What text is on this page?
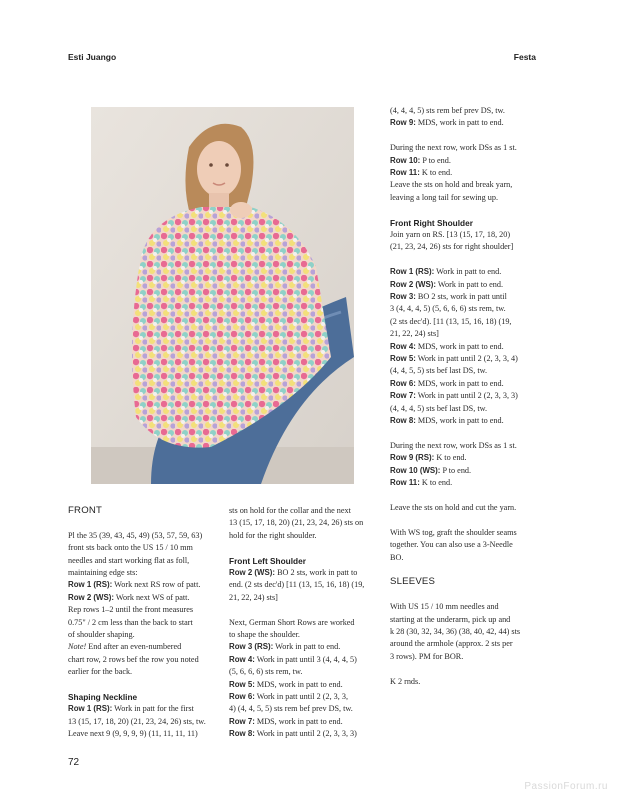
Esti Juango	Festa

FRONT

Pl the 35 (39, 43, 45, 49) (53, 57, 59, 63)

front sts back onto the US 15 / 10 mm

needles and start working flat as foll,

maintaining edge sts:

Row 1 (RS): Work next RS row of patt.

Row 2 (WS): Work next WS of patt.

Rep rows 1–2 until the front measures

0.75" / 2 cm less than the back to start

of shoulder shaping.

Note! End after an even-numbered

chart row, 2 rows bef the row you noted

earlier for the back.

Shaping Neckline

Row 1 (RS): Work in patt for the first

13 (15, 17, 18, 20) (21, 23, 24, 26) sts, tw.

Leave next 9 (9, 9, 9, 9) (11, 11, 11, 11)

sts on hold for the collar and the next

13 (15, 17, 18, 20) (21, 23, 24, 26) sts on

hold for the right shoulder.

Front Left Shoulder

Row 2 (WS): BO 2 sts, work in patt to

end. (2 sts dec'd) [11 (13, 15, 16, 18) (19,

21, 22, 24) sts]

Next, German Short Rows are worked

to shape the shoulder.

Row 3 (RS): Work in patt to end.

Row 4: Work in patt until 3 (4, 4, 4, 5)

(5, 6, 6, 6) sts rem, tw.

Row 5: MDS, work in patt to end.

Row 6: Work in patt until 2 (2, 3, 3,

4) (4, 4, 5, 5) sts rem bef prev DS, tw.

Row 7: MDS, work in patt to end.

Row 8: Work in patt until 2 (2, 3, 3, 3)

(4, 4, 4, 5) sts rem bef prev DS, tw.

Row 9: MDS, work in patt to end.

During the next row, work DSs as 1 st.

Row 10: P to end.

Row 11: K to end.

Leave the sts on hold and break yarn,

leaving a long tail for sewing up.

Front Right Shoulder

Join yarn on RS. [13 (15, 17, 18, 20)

(21, 23, 24, 26) sts for right shoulder]

Row 1 (RS): Work in patt to end.

Row 2 (WS): Work in patt to end.

Row 3: BO 2 sts, work in patt until

3 (4, 4, 4, 5) (5, 6, 6, 6) sts rem, tw.

(2 sts dec'd). [11 (13, 15, 16, 18) (19,

21, 22, 24) sts]

Row 4: MDS, work in patt to end.

Row 5: Work in patt until 2 (2, 3, 3, 4)

(4, 4, 5, 5) sts bef last DS, tw.

Row 6: MDS, work in patt to end.

Row 7: Work in patt until 2 (2, 3, 3, 3)

(4, 4, 4, 5) sts bef last DS, tw.

Row 8: MDS, work in patt to end.

During the next row, work DSs as 1 st.

Row 9 (RS): K to end.

Row 10 (WS): P to end.

Row 11: K to end.

Leave the sts on hold and cut the yarn.

With WS tog, graft the shoulder seams

together. You can also use a 3-Needle

BO.

SLEEVES

With US 15 / 10 mm needles and

starting at the underarm, pick up and

k 28 (30, 32, 34, 36) (38, 40, 42, 44) sts

around the armhole (approx. 2 sts per

3 rows). PM for BOR.

K 2 rnds.

72
PassionForum.ru
